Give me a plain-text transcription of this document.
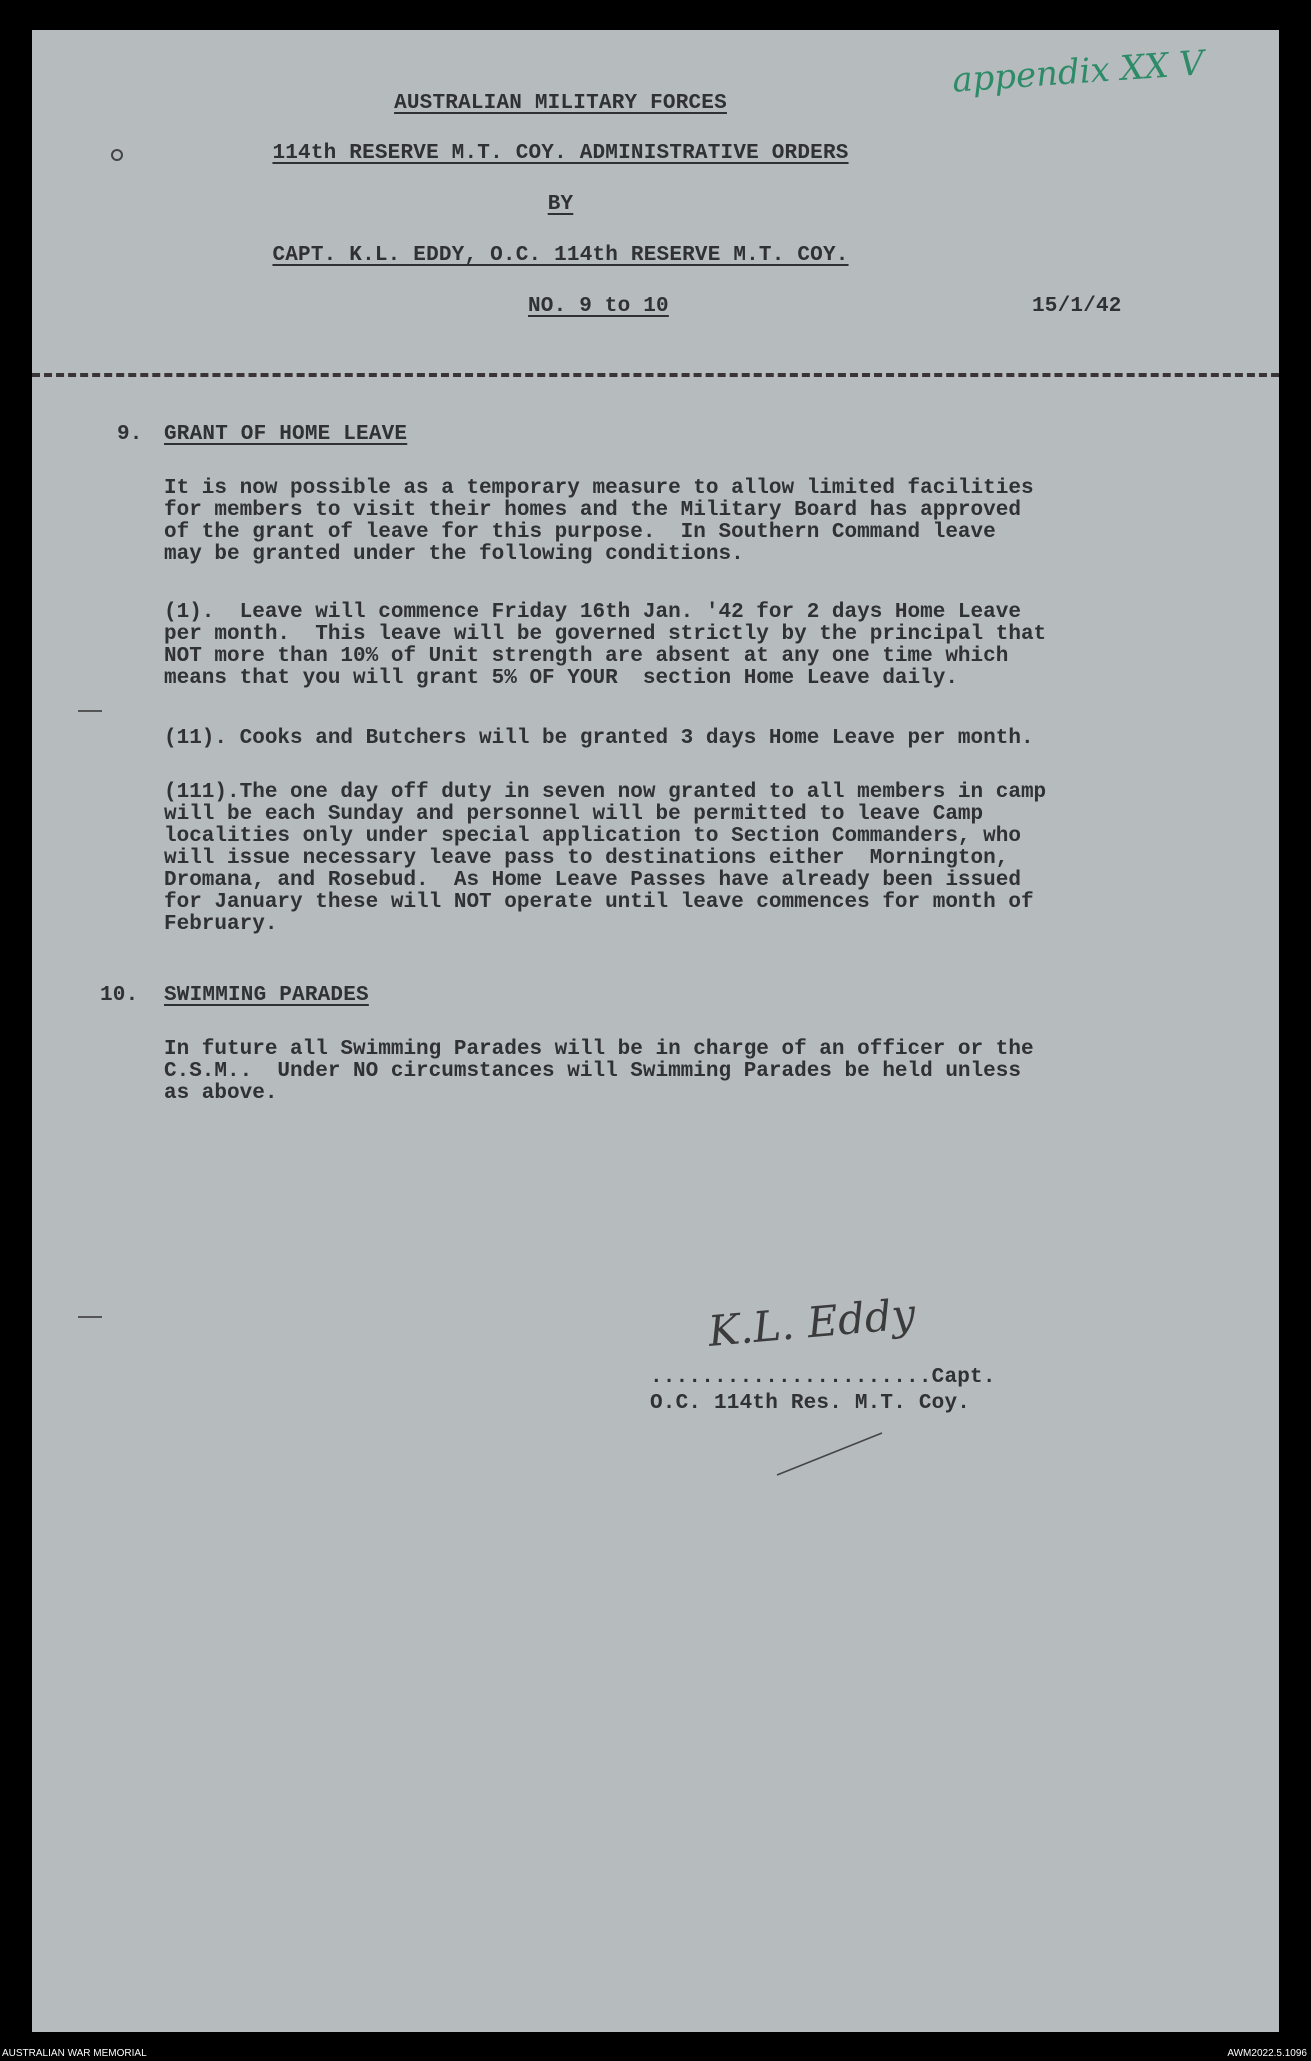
appendix XX V
AUSTRALIAN MILITARY FORCES
114th RESERVE M.T. COY. ADMINISTRATIVE ORDERS
BY
CAPT. K.L. EDDY, O.C. 114th RESERVE M.T. COY.
NO. 9 to 10	15/1/42
9. GRANT OF HOME LEAVE
It is now possible as a temporary measure to allow limited facilities
for members to visit their homes and the Military Board has approved
of the grant of leave for this purpose.  In Southern Command leave
may be granted under the following conditions.
(1).  Leave will commence Friday 16th Jan. '42 for 2 days Home Leave
per month.  This leave will be governed strictly by the principal that
NOT more than 10% of Unit strength are absent at any one time which
means that you will grant 5% OF YOUR  section Home Leave daily.
(11). Cooks and Butchers will be granted 3 days Home Leave per month.
(111).The one day off duty in seven now granted to all members in camp
will be each Sunday and personnel will be permitted to leave Camp
localities only under special application to Section Commanders, who
will issue necessary leave pass to destinations either  Mornington,
Dromana, and Rosebud.  As Home Leave Passes have already been issued
for January these will NOT operate until leave commences for month of
February.
10. SWIMMING PARADES
In future all Swimming Parades will be in charge of an officer or the
C.S.M..  Under NO circumstances will Swimming Parades be held unless
as above.
K.L. Eddy
......................Capt.
O.C. 114th Res. M.T. Coy.
AUSTRALIAN WAR MEMORIAL	AWM2022.5.1096
